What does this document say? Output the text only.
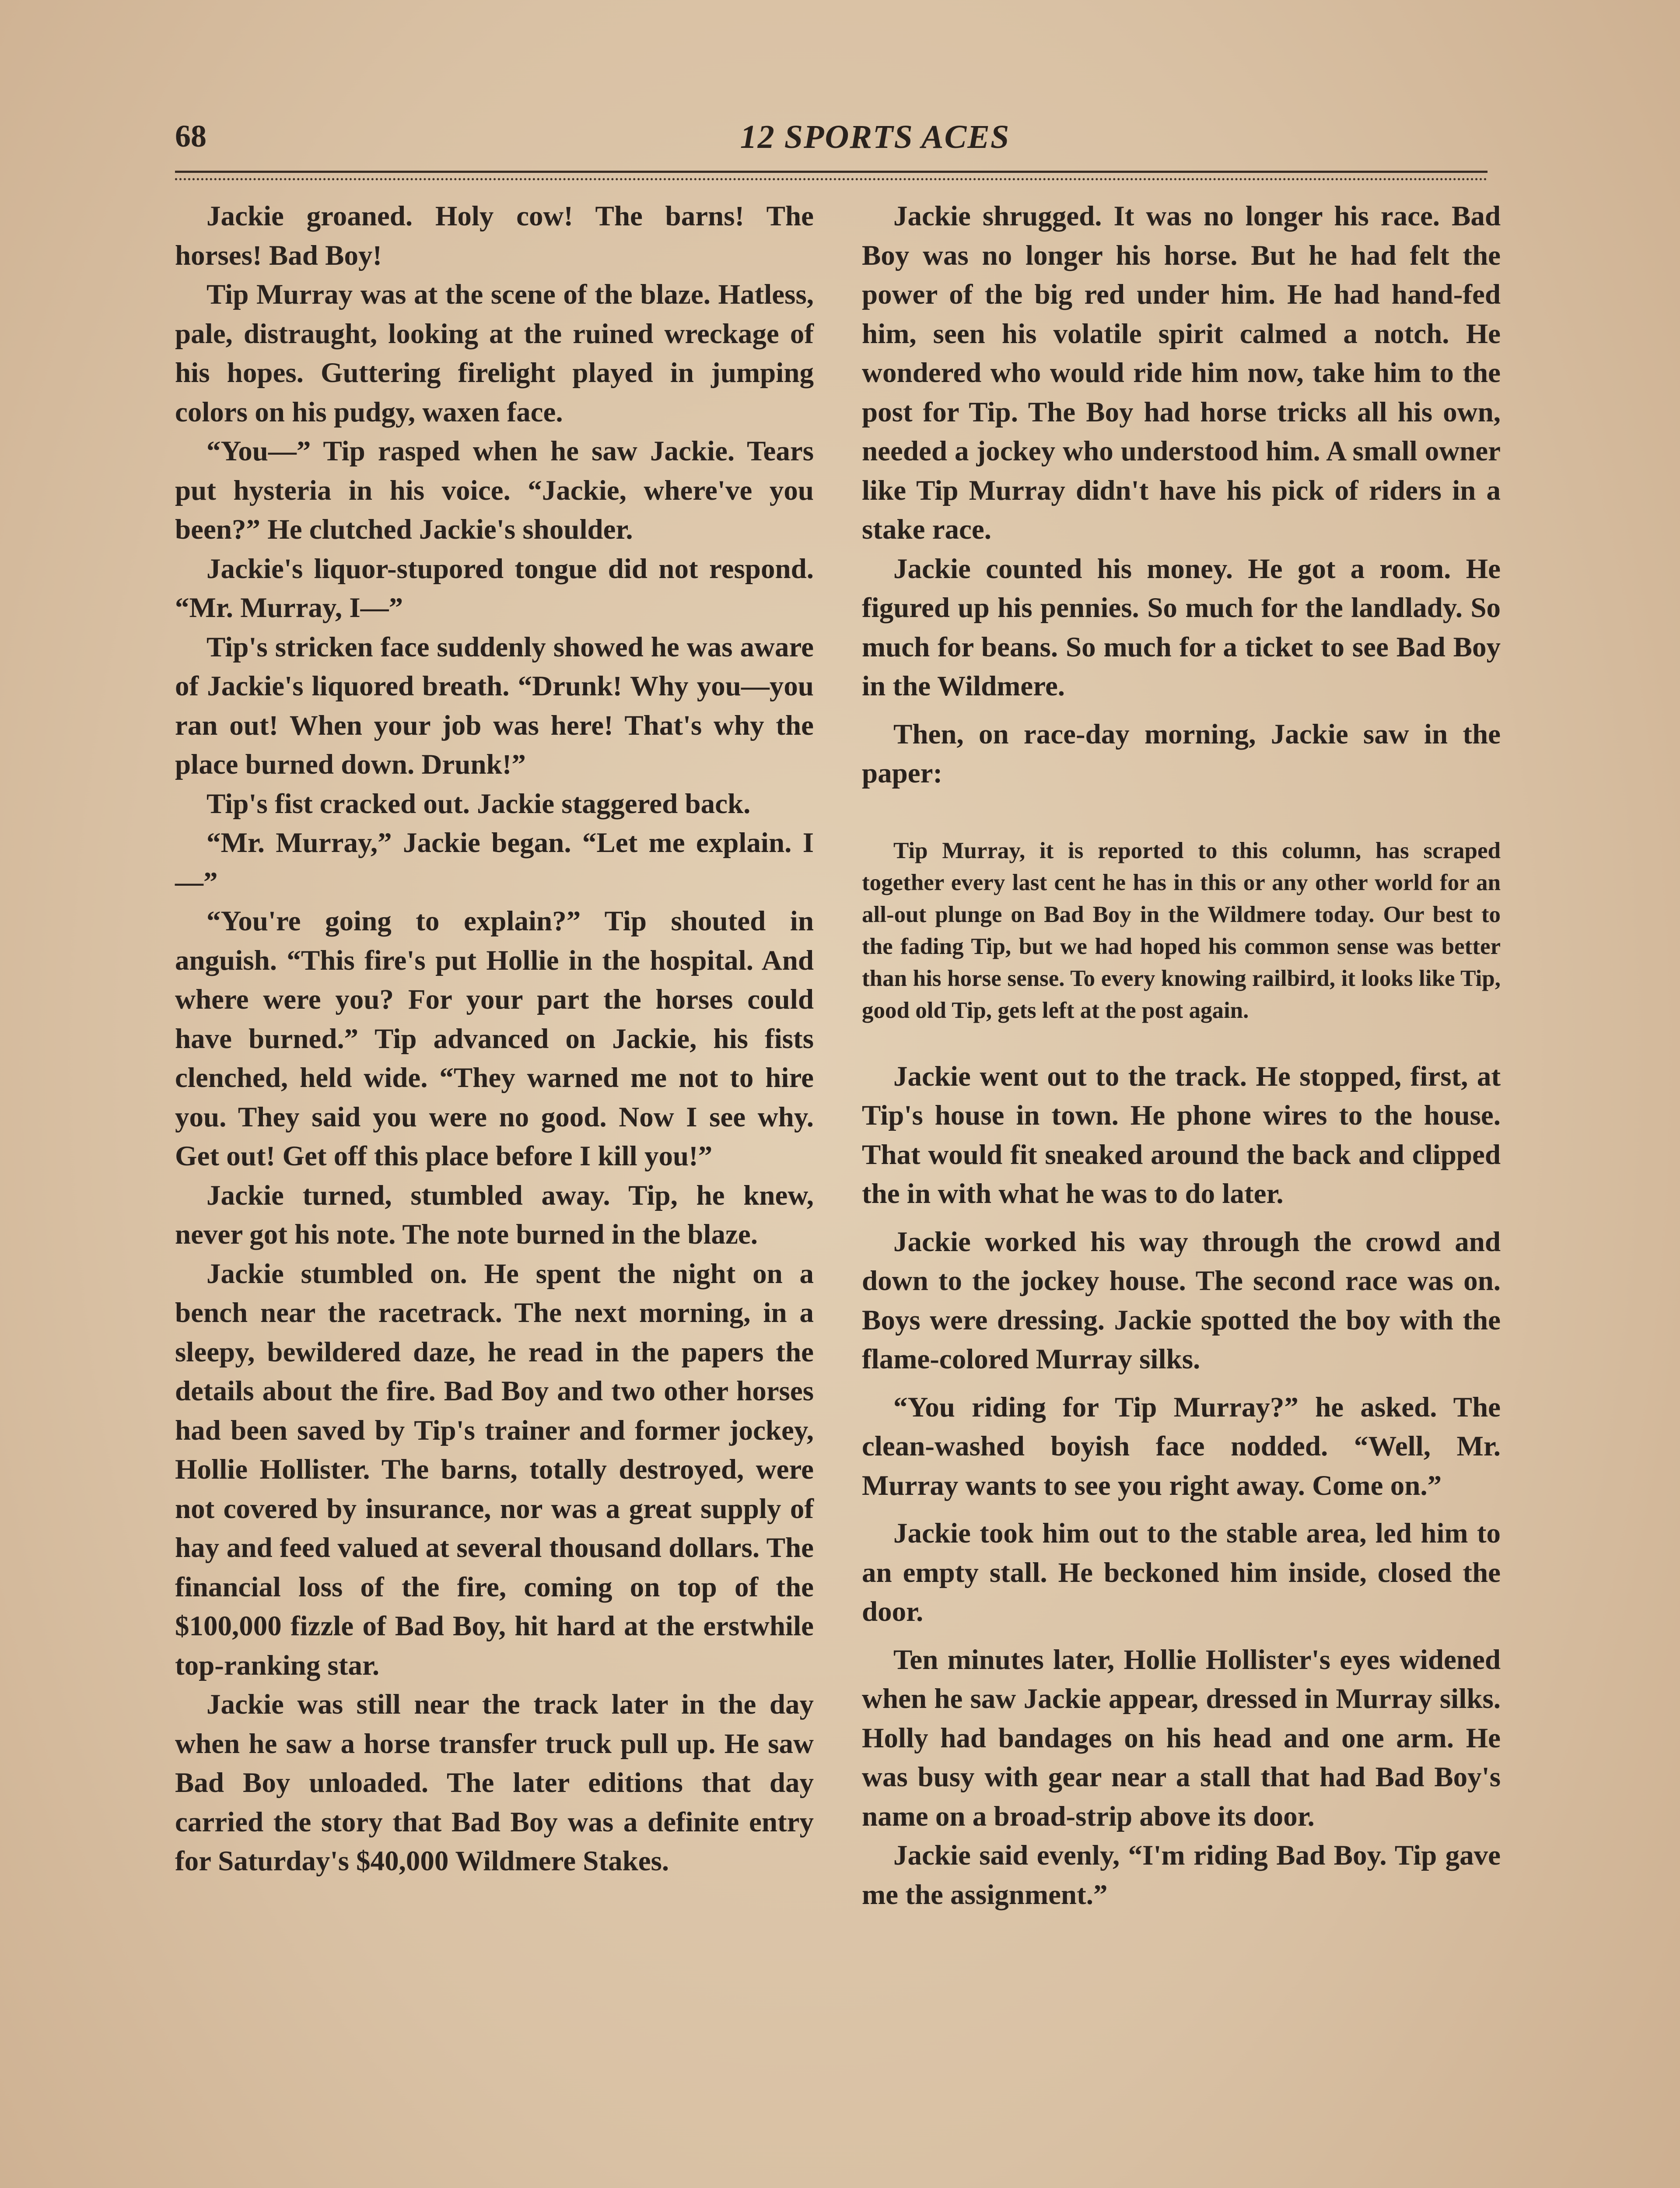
68	12 SPORTS ACES

Jackie groaned. Holy cow! The barns! The horses! Bad Boy!

Tip Murray was at the scene of the blaze. Hatless, pale, distraught, looking at the ruined wreckage of his hopes. Guttering firelight played in jumping colors on his pudgy, waxen face.

“You—” Tip rasped when he saw Jackie. Tears put hysteria in his voice. “Jackie, where've you been?” He clutched Jackie's shoulder.

Jackie's liquor-stupored tongue did not respond. “Mr. Murray, I—”

Tip's stricken face suddenly showed he was aware of Jackie's liquored breath. “Drunk! Why you—you ran out! When your job was here! That's why the place burned down. Drunk!”

Tip's fist cracked out. Jackie staggered back.

“Mr. Murray,” Jackie began. “Let me explain. I—”

“You're going to explain?” Tip shouted in anguish. “This fire's put Hollie in the hospital. And where were you? For your part the horses could have burned.” Tip advanced on Jackie, his fists clenched, held wide. “They warned me not to hire you. They said you were no good. Now I see why. Get out! Get off this place before I kill you!”

Jackie turned, stumbled away. Tip, he knew, never got his note. The note burned in the blaze.

Jackie stumbled on. He spent the night on a bench near the racetrack. The next morning, in a sleepy, bewildered daze, he read in the papers the details about the fire. Bad Boy and two other horses had been saved by Tip's trainer and former jockey, Hollie Hollister. The barns, totally destroyed, were not covered by insurance, nor was a great supply of hay and feed valued at several thousand dollars. The financial loss of the fire, coming on top of the $100,000 fizzle of Bad Boy, hit hard at the erstwhile top-ranking star.

Jackie was still near the track later in the day when he saw a horse transfer truck pull up. He saw Bad Boy unloaded. The later editions that day carried the story that Bad Boy was a definite entry for Saturday's $40,000 Wildmere Stakes.

Jackie shrugged. It was no longer his race. Bad Boy was no longer his horse. But he had felt the power of the big red under him. He had hand-fed him, seen his volatile spirit calmed a notch. He wondered who would ride him now, take him to the post for Tip. The Boy had horse tricks all his own, needed a jockey who understood him. A small owner like Tip Murray didn't have his pick of riders in a stake race.

Jackie counted his money. He got a room. He figured up his pennies. So much for the landlady. So much for beans. So much for a ticket to see Bad Boy in the Wildmere.

Then, on race-day morning, Jackie saw in the paper:

Tip Murray, it is reported to this column, has scraped together every last cent he has in this or any other world for an all-out plunge on Bad Boy in the Wildmere today. Our best to the fading Tip, but we had hoped his common sense was better than his horse sense. To every knowing railbird, it looks like Tip, good old Tip, gets left at the post again.

Jackie went out to the track. He stopped, first, at Tip's house in town. He phone wires to the house. That would fit sneaked around the back and clipped the in with what he was to do later.

Jackie worked his way through the crowd and down to the jockey house. The second race was on. Boys were dressing. Jackie spotted the boy with the flame-colored Murray silks.

“You riding for Tip Murray?” he asked. The clean-washed boyish face nodded. “Well, Mr. Murray wants to see you right away. Come on.”

Jackie took him out to the stable area, led him to an empty stall. He beckoned him inside, closed the door.

Ten minutes later, Hollie Hollister's eyes widened when he saw Jackie appear, dressed in Murray silks. Holly had bandages on his head and one arm. He was busy with gear near a stall that had Bad Boy's name on a broad-strip above its door.

Jackie said evenly, “I'm riding Bad Boy. Tip gave me the assignment.”
